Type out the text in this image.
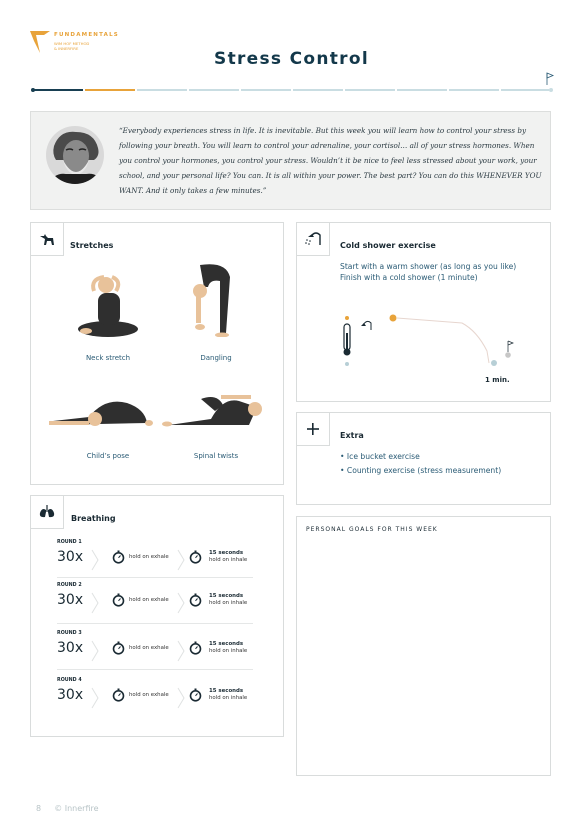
FUNDAMENTALS
WIM HOF METHOD
& INNERFIRE
Stress Control

“Everybody experiences stress in life. It is inevitable. But this week you will learn how to control your stress by following your breath. You will learn to control your adrenaline, your cortisol… all of your stress hormones. When you control your hormones, you control your stress. Wouldn’t it be nice to feel less stressed about your work, your school, and your personal life? You can. It is all within your power. The best part? You can do this WHENEVER YOU WANT. And it only takes a few minutes.”

Stretches
Neck stretch	Dangling
Child’s pose	Spinal twists
Cold shower exercise
Start with a warm shower (as long as you like)
Finish with a cold shower (1 minute)
1 min.
Extra
• Ice bucket exercise
• Counting exercise (stress measurement)
Breathing
ROUND 1
30x	hold on exhale
15 seconds
hold on inhale
ROUND 2
30x	hold on exhale
15 seconds
hold on inhale
ROUND 3
30x	hold on exhale
15 seconds
hold on inhale
ROUND 4
30x	hold on exhale
15 seconds
hold on inhale
PERSONAL GOALS FOR THIS WEEK
8 © Innerfire
